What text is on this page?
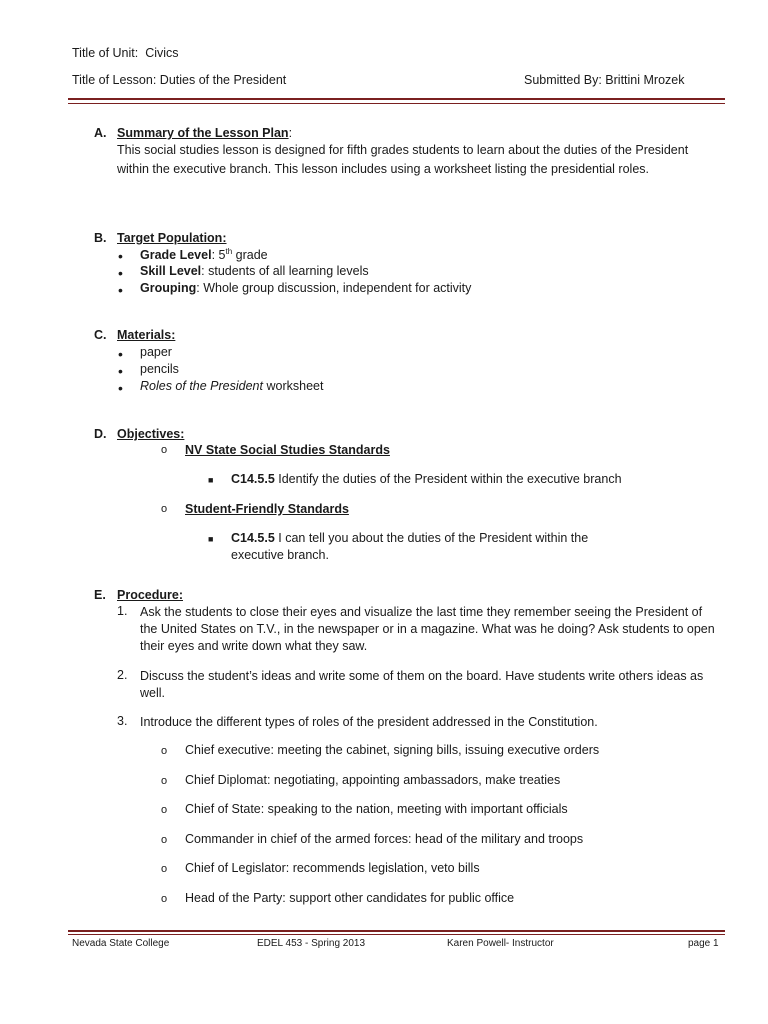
Title of Unit: Civics
Title of Lesson: Duties of the President	Submitted By: Brittini Mrozek
A. Summary of the Lesson Plan:
This social studies lesson is designed for fifth grades students to learn about the duties of the President within the executive branch. This lesson includes using a worksheet listing the presidential roles.
B. Target Population:
• Grade Level: 5th grade
• Skill Level: students of all learning levels
• Grouping: Whole group discussion, independent for activity
C. Materials:
• paper
• pencils
• Roles of the President worksheet
D. Objectives:
o NV State Social Studies Standards
■ C14.5.5 Identify the duties of the President within the executive branch
o Student-Friendly Standards
■ C14.5.5 I can tell you about the duties of the President within the
executive branch.
E. Procedure:
1. Ask the students to close their eyes and visualize the last time they remember seeing the President of the United States on T.V., in the newspaper or in a magazine. What was he doing? Ask students to open their eyes and write down what they saw.
2. Discuss the student’s ideas and write some of them on the board. Have students write others ideas as well.
3. Introduce the different types of roles of the president addressed in the Constitution.
o Chief executive: meeting the cabinet, signing bills, issuing executive orders
o Chief Diplomat: negotiating, appointing ambassadors, make treaties
o Chief of State: speaking to the nation, meeting with important officials
o Commander in chief of the armed forces: head of the military and troops
o Chief of Legislator: recommends legislation, veto bills
o Head of the Party: support other candidates for public office
Nevada State College	EDEL 453 - Spring 2013	Karen Powell- Instructor	page 1
